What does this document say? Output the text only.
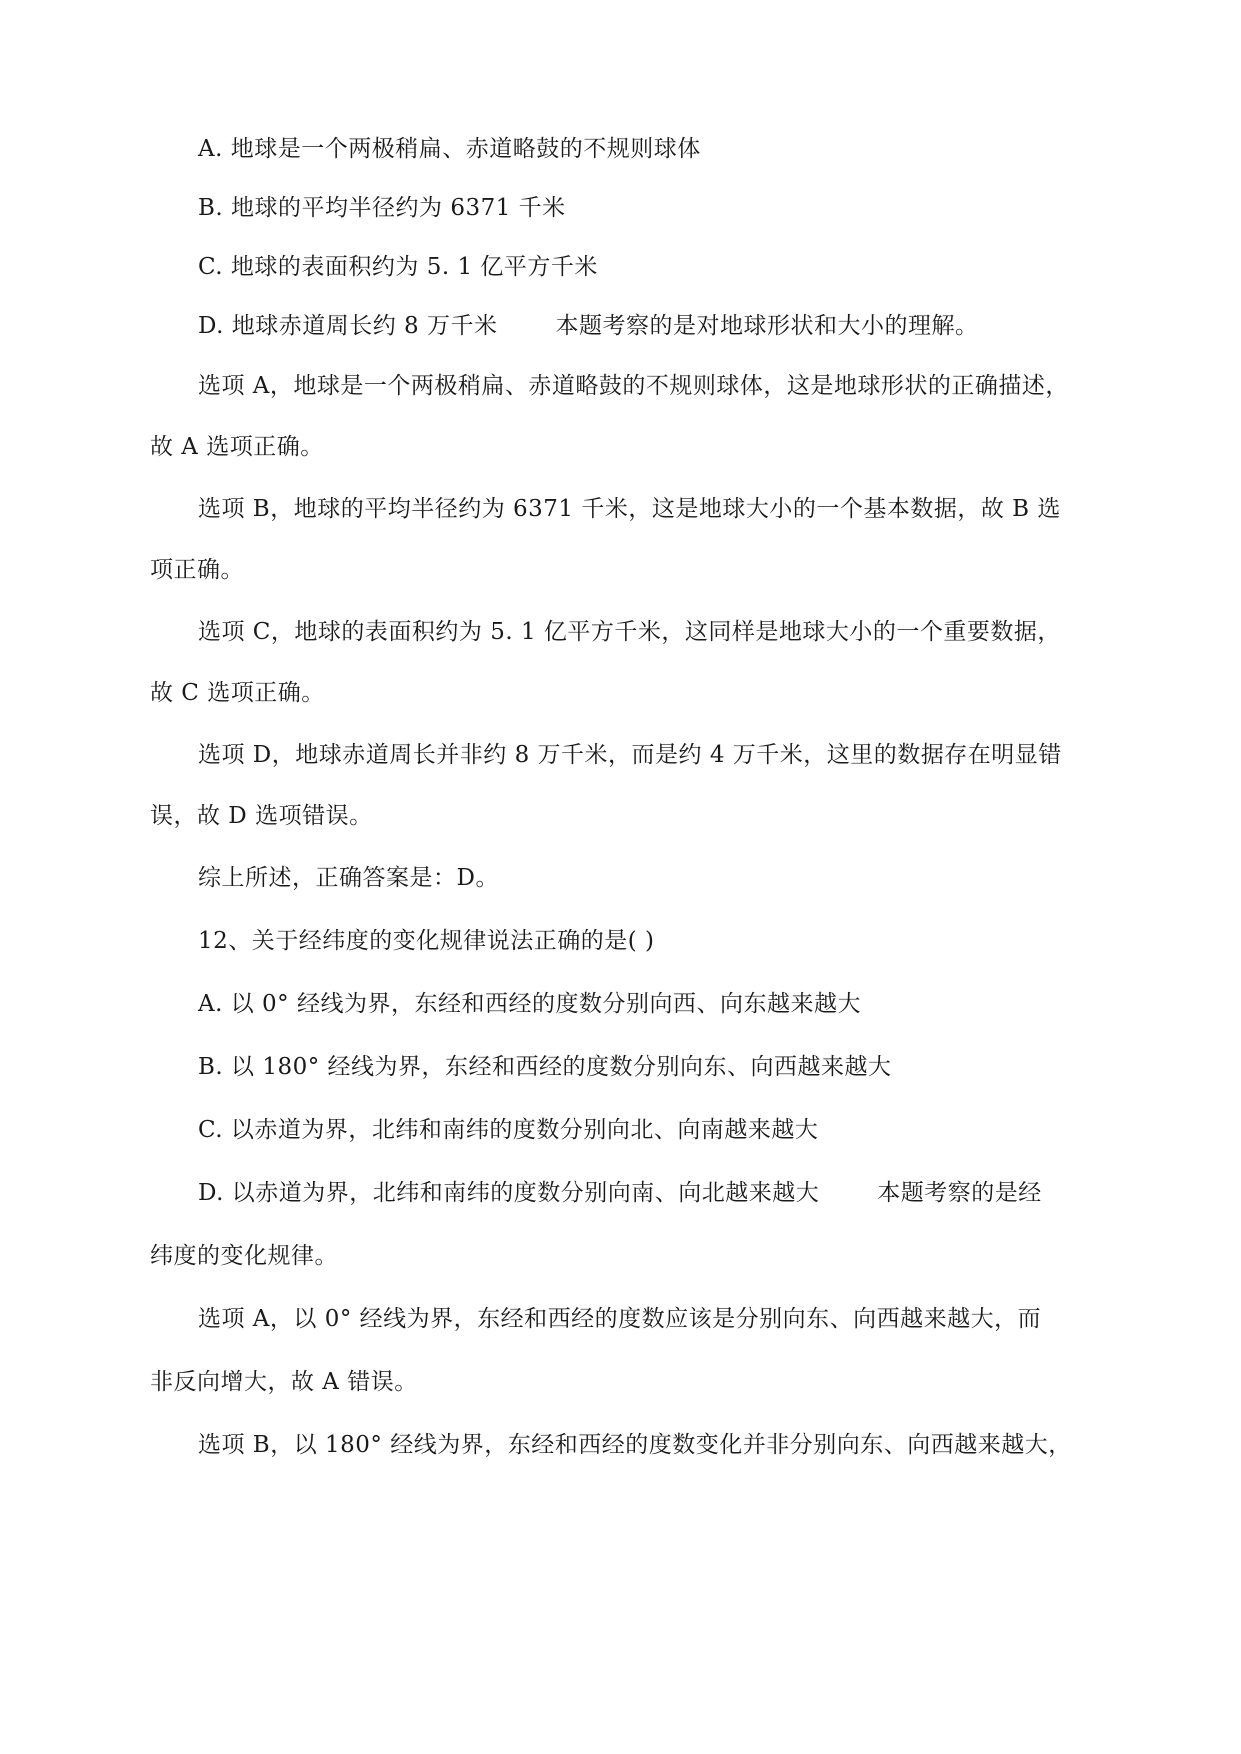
A. 地球是一个两极稍扁、赤道略鼓的不规则球体
B. 地球的平均半径约为 6371 千米
C. 地球的表面积约为 5. 1 亿平方千米
D. 地球赤道周长约 8 万千米	本题考察的是对地球形状和大小的理解。
选项 A，地球是一个两极稍扁、赤道略鼓的不规则球体，这是地球形状的正确描述，
故 A 选项正确。
选项 B，地球的平均半径约为 6371 千米，这是地球大小的一个基本数据，故 B 选
项正确。
选项 C，地球的表面积约为 5. 1 亿平方千米，这同样是地球大小的一个重要数据，
故 C 选项正确。
选项 D，地球赤道周长并非约 8 万千米，而是约 4 万千米，这里的数据存在明显错
误，故 D 选项错误。
综上所述，正确答案是：D。
12、关于经纬度的变化规律说法正确的是( )
A. 以 0° 经线为界，东经和西经的度数分别向西、向东越来越大
B. 以 180° 经线为界，东经和西经的度数分别向东、向西越来越大
C. 以赤道为界，北纬和南纬的度数分别向北、向南越来越大
D. 以赤道为界，北纬和南纬的度数分别向南、向北越来越大	本题考察的是经
纬度的变化规律。
选项 A，以 0° 经线为界，东经和西经的度数应该是分别向东、向西越来越大，而
非反向增大，故 A 错误。
选项 B，以 180° 经线为界，东经和西经的度数变化并非分别向东、向西越来越大，
